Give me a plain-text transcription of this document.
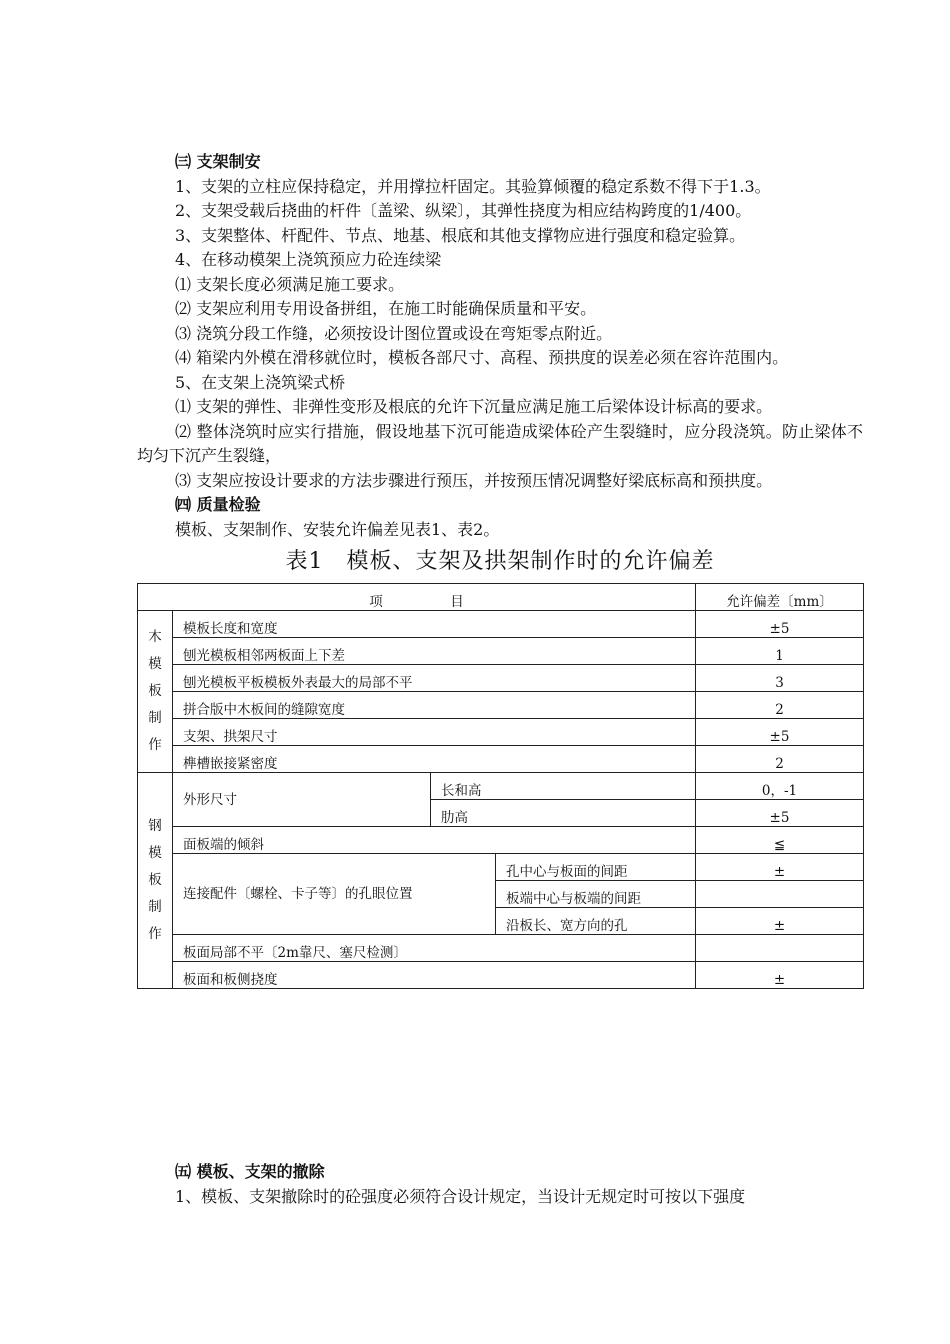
㈢ 支架制安

1、支架的立柱应保持稳定，并用撑拉杆固定。其验算倾覆的稳定系数不得下于1.3。

2、支架受载后挠曲的杆件〔盖梁、纵梁〕，其弹性挠度为相应结构跨度的1/400。

3、支架整体、杆配件、节点、地基、根底和其他支撑物应进行强度和稳定验算。

4、在移动模架上浇筑预应力砼连续梁

⑴ 支架长度必须满足施工要求。

⑵ 支架应利用专用设备拼组，在施工时能确保质量和平安。

⑶ 浇筑分段工作缝，必须按设计图位置或设在弯矩零点附近。

⑷ 箱梁内外模在滑移就位时，模板各部尺寸、高程、预拱度的误差必须在容许范围内。

5、在支架上浇筑梁式桥

⑴ 支架的弹性、非弹性变形及根底的允许下沉量应满足施工后梁体设计标高的要求。

⑵ 整体浇筑时应实行措施，假设地基下沉可能造成梁体砼产生裂缝时，应分段浇筑。防止梁体不均匀下沉产生裂缝，

⑶ 支架应按设计要求的方法步骤进行预压，并按预压情况调整好梁底标高和预拱度。

㈣ 质量检验

模板、支架制作、安装允许偏差见表1、表2。

表1　模板、支架及拱架制作时的允许偏差
项　　　　　目				允许偏差〔mm〕

木
模
板
制
作	模板长度和宽度			±5
	刨光模板相邻两板面上下差			1
	刨光模板平板模板外表最大的局部不平			3
	拼合版中木板间的缝隙宽度			2
	支架、拱架尺寸			±5
	榫槽嵌接紧密度			2

钢
模
板
制
作	外形尺寸	长和高		0，-1
		肋高		±5
	面板端的倾斜			≦
	连接配件〔螺栓、卡子等〕的孔眼位置		孔中心与板面的间距	±
			板端中心与板端的间距	
			沿板长、宽方向的孔	±
	板面局部不平〔2m靠尺、塞尺检测〕			
	板面和板侧挠度			±
㈤ 模板、支架的撤除

1、模板、支架撤除时的砼强度必须符合设计规定，当设计无规定时可按以下强度
